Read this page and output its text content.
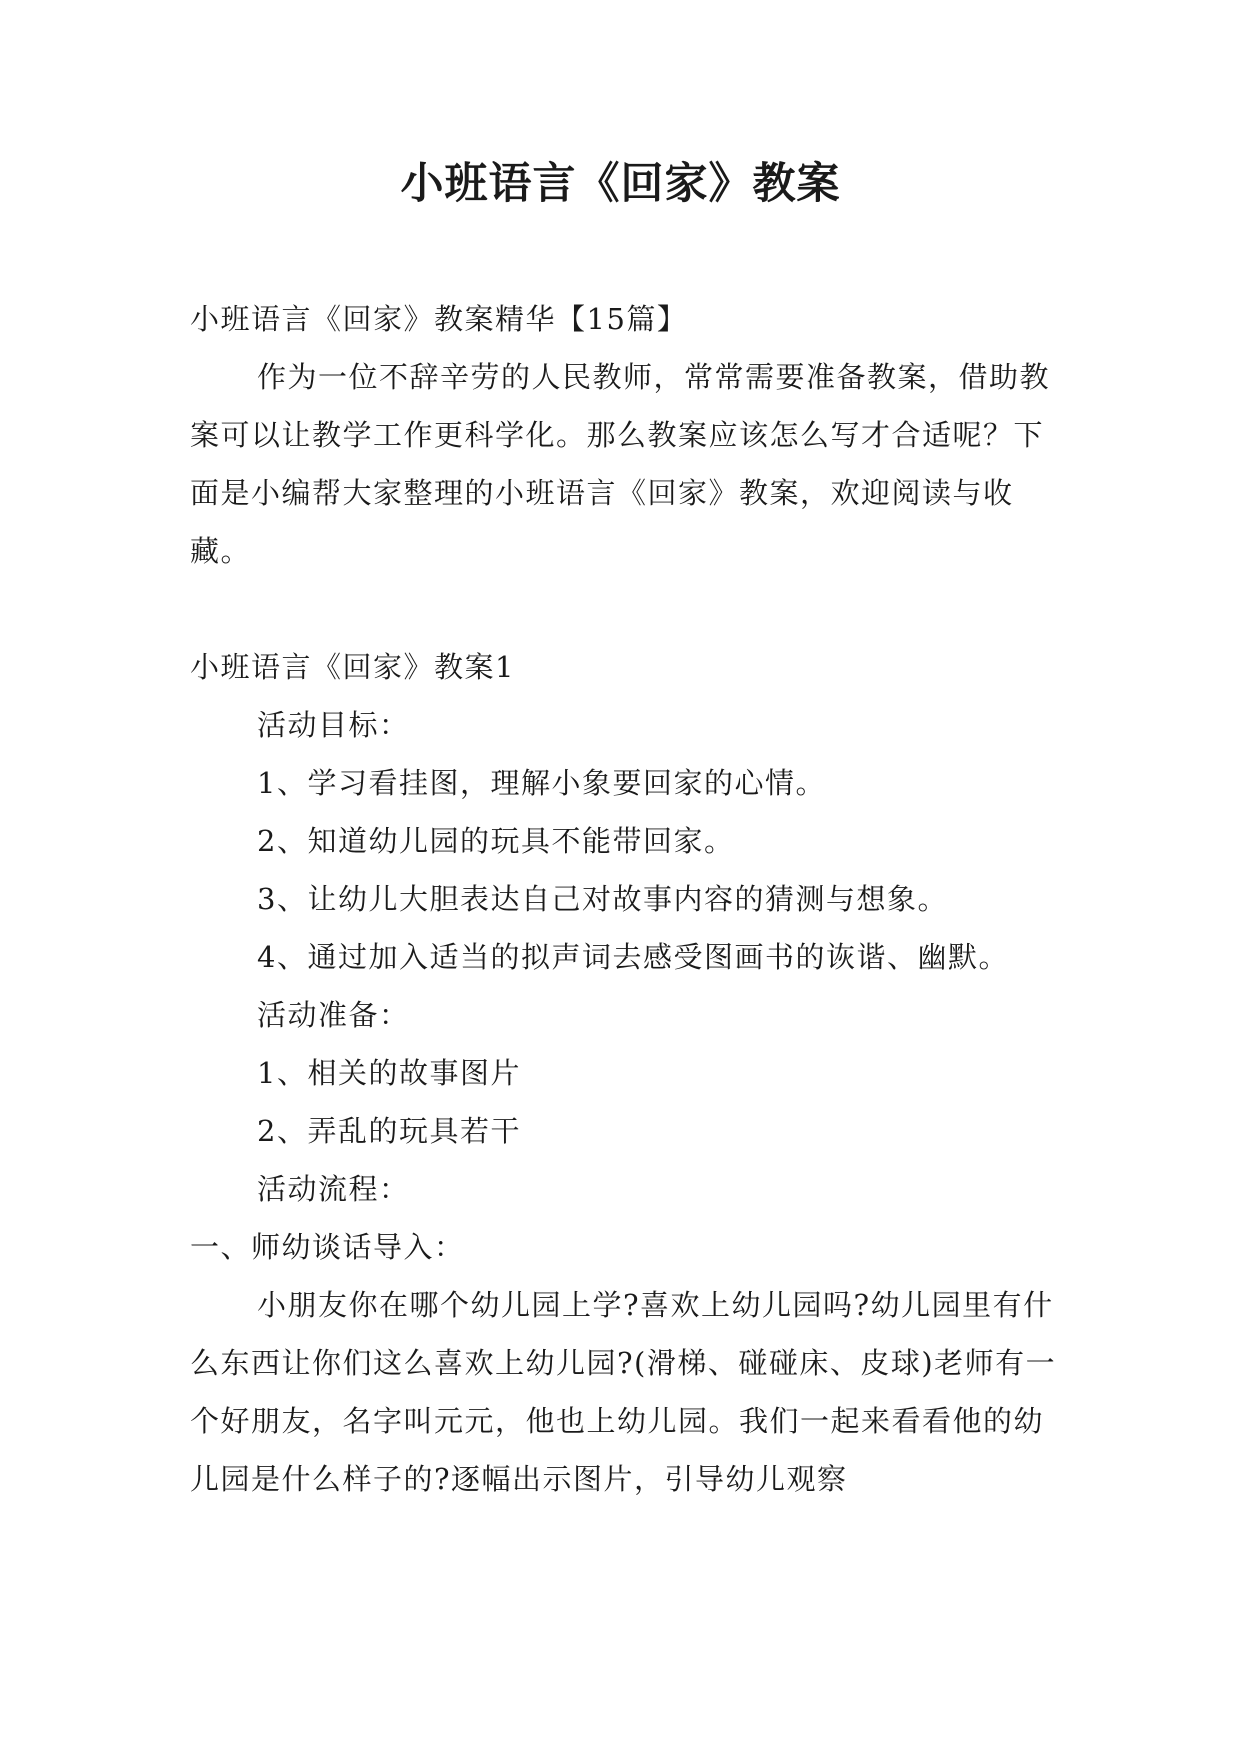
小班语言《回家》教案

小班语言《回家》教案精华【15篇】

作为一位不辞辛劳的人民教师，常常需要准备教案，借助教案可以让教学工作更科学化。那么教案应该怎么写才合适呢？下面是小编帮大家整理的小班语言《回家》教案，欢迎阅读与收藏。

小班语言《回家》教案1

活动目标：

1、学习看挂图，理解小象要回家的心情。

2、知道幼儿园的玩具不能带回家。

3、让幼儿大胆表达自己对故事内容的猜测与想象。

4、通过加入适当的拟声词去感受图画书的诙谐、幽默。

活动准备：

1、相关的故事图片

2、弄乱的玩具若干

活动流程：

一、师幼谈话导入：

小朋友你在哪个幼儿园上学?喜欢上幼儿园吗?幼儿园里有什么东西让你们这么喜欢上幼儿园?(滑梯、碰碰床、皮球)老师有一个好朋友，名字叫元元，他也上幼儿园。我们一起来看看他的幼儿园是什么样子的?逐幅出示图片，引导幼儿观察
